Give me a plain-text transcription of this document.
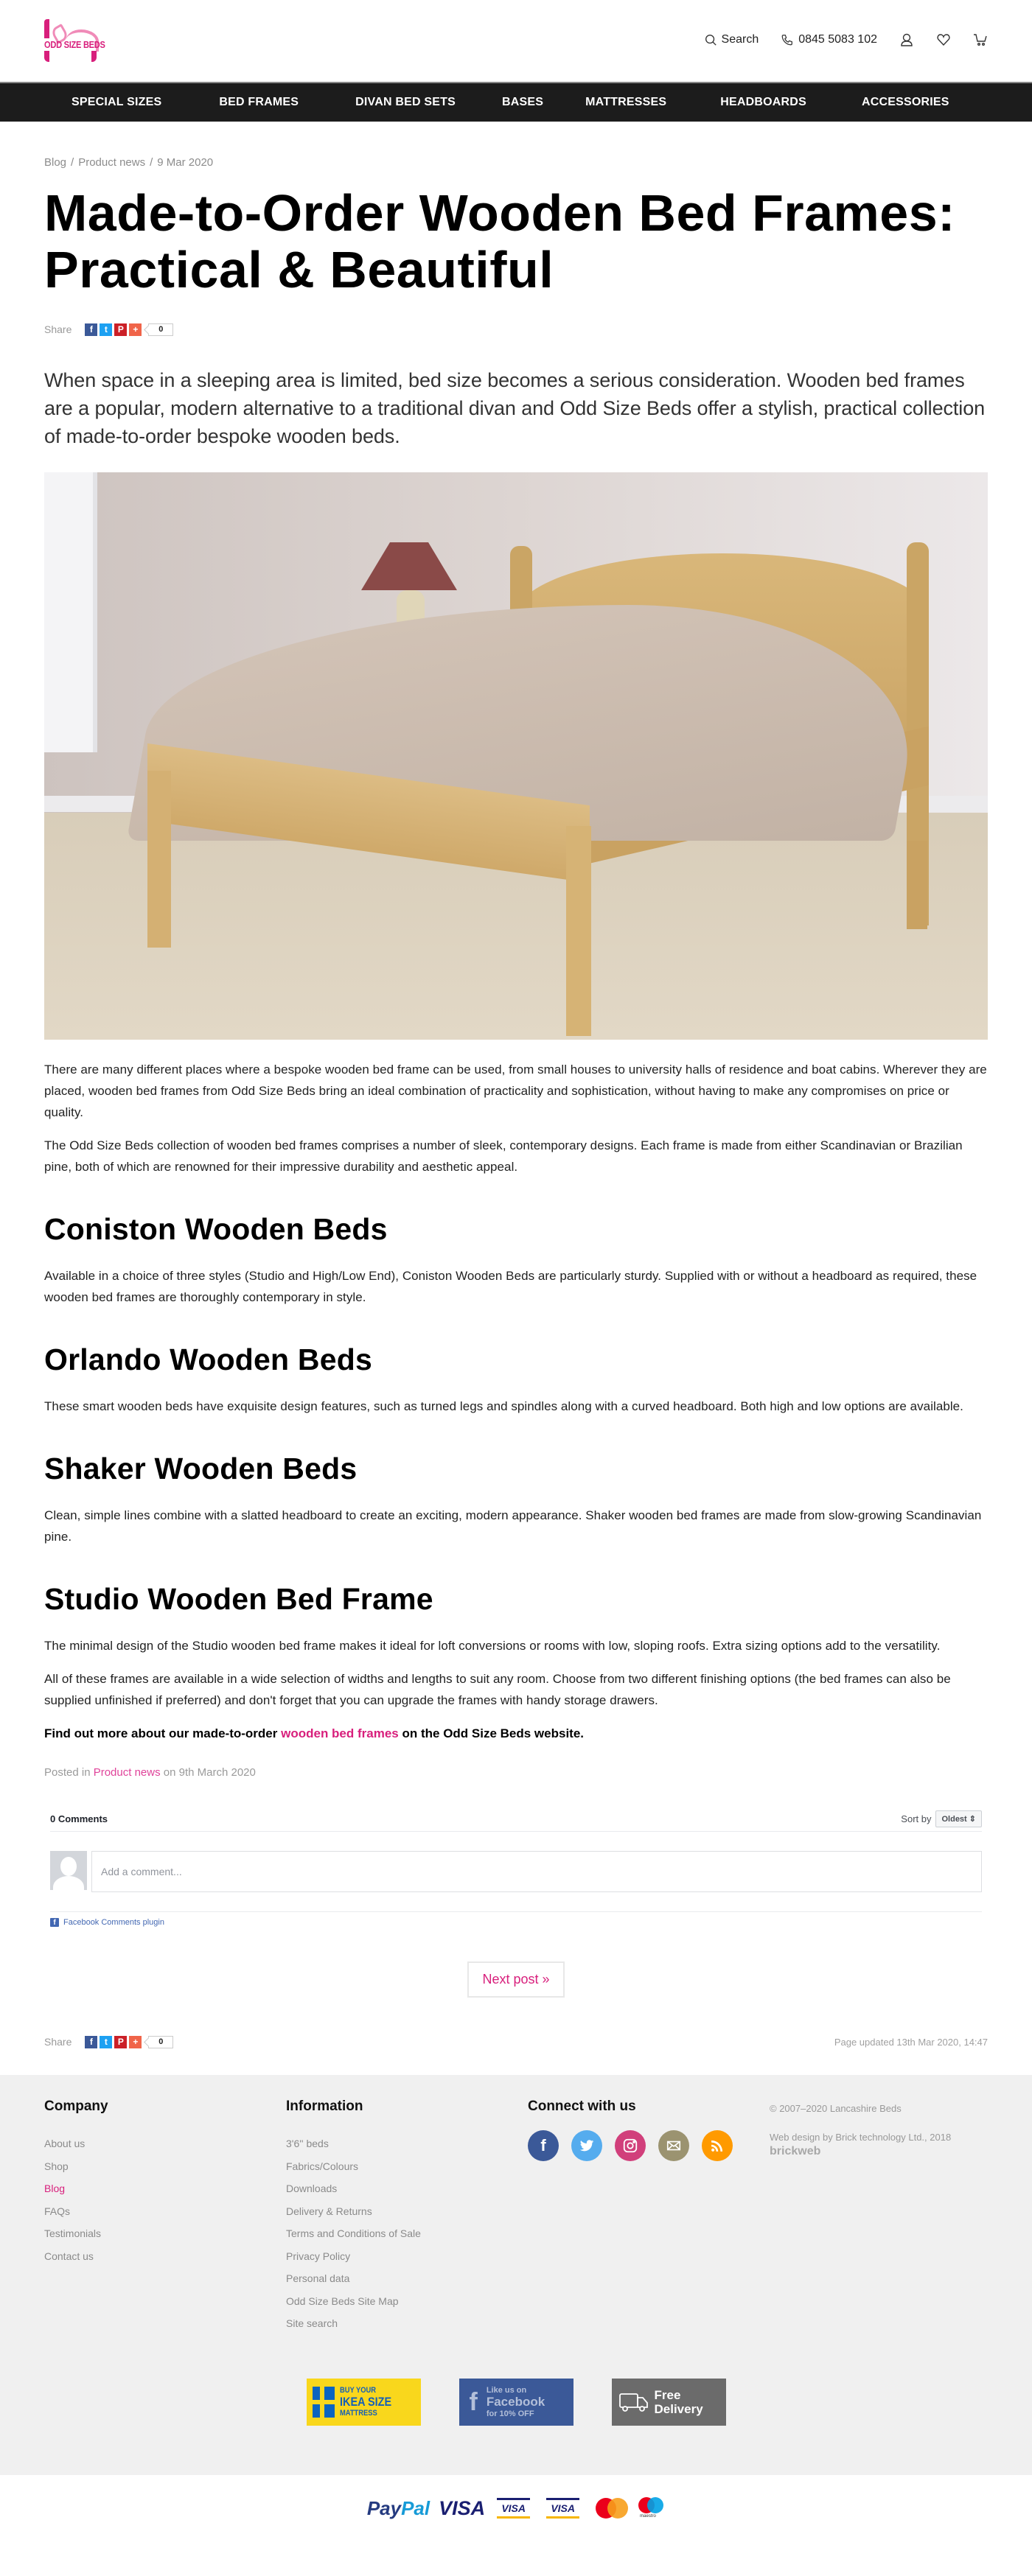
ODD SIZE BEDS	Search	0845 5083 102
SPECIAL SIZES	BED FRAMES	DIVAN BED SETS	BASES	MATTRESSES	HEADBOARDS	ACCESSORIES
Blog / Product news / 9 Mar 2020
Made-to-Order Wooden Bed Frames: Practical & Beautiful
Share f t P +	0

When space in a sleeping area is limited, bed size becomes a serious consideration. Wooden bed frames are a popular, modern alternative to a traditional divan and Odd Size Beds offer a stylish, practical collection of made-to-order bespoke wooden beds.

There are many different places where a bespoke wooden bed frame can be used, from small houses to university halls of residence and boat cabins. Wherever they are placed, wooden bed frames from Odd Size Beds bring an ideal combination of practicality and sophistication, without having to make any compromises on price or quality.

The Odd Size Beds collection of wooden bed frames comprises a number of sleek, contemporary designs. Each frame is made from either Scandinavian or Brazilian pine, both of which are renowned for their impressive durability and aesthetic appeal.

Coniston Wooden Beds

Available in a choice of three styles (Studio and High/Low End), Coniston Wooden Beds are particularly sturdy. Supplied with or without a headboard as required, these wooden bed frames are thoroughly contemporary in style.

Orlando Wooden Beds

These smart wooden beds have exquisite design features, such as turned legs and spindles along with a curved headboard. Both high and low options are available.

Shaker Wooden Beds

Clean, simple lines combine with a slatted headboard to create an exciting, modern appearance. Shaker wooden bed frames are made from slow-growing Scandinavian pine.

Studio Wooden Bed Frame

The minimal design of the Studio wooden bed frame makes it ideal for loft conversions or rooms with low, sloping roofs. Extra sizing options add to the versatility.

All of these frames are available in a wide selection of widths and lengths to suit any room. Choose from two different finishing options (the bed frames can also be supplied unfinished if preferred) and don't forget that you can upgrade the frames with handy storage drawers.

Find out more about our made-to-order wooden bed frames on the Odd Size Beds website.

Posted in Product news on 9th March 2020

0 Comments	Sort by	Oldest ⇕
Add a comment...
f Facebook Comments plugin
Next post »
Share f t P +	0	Page updated 13th Mar 2020, 14:47
Company
About us
Shop
Blog
FAQs
Testimonials
Contact us
Information
3'6'' beds
Fabrics/Colours
Downloads
Delivery & Returns
Terms and Conditions of Sale
Privacy Policy
Personal data
Odd Size Beds Site Map
Site search
Connect with us
f
© 2007–2020 Lancashire Beds
Web design by Brick technology Ltd., 2018
brickweb
BUY YOUR
IKEA SIZE
MATTRESS	f Like us on
Facebook
for 10% OFF
Free
Delivery
PayPal VISA	VISA	VISA
maestro
